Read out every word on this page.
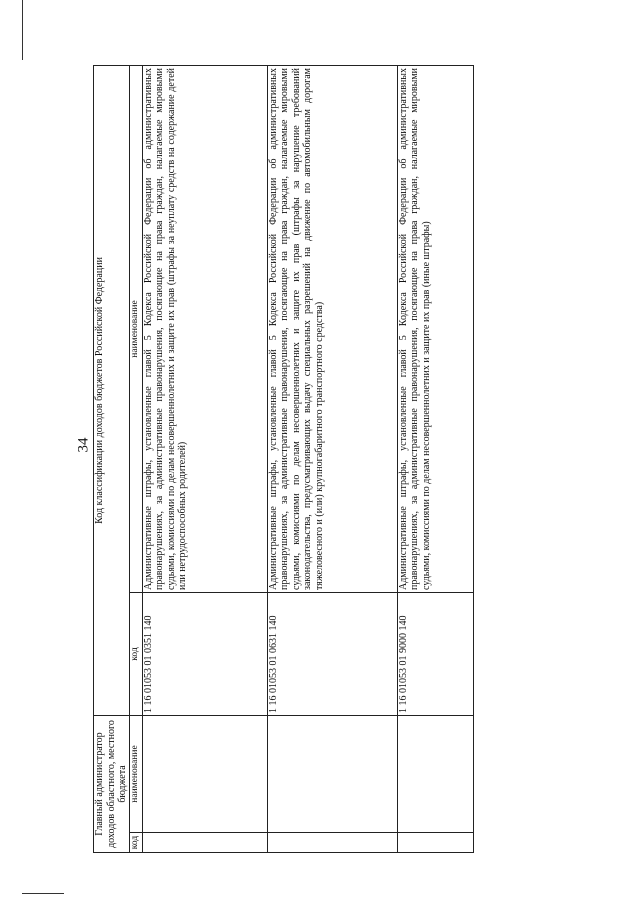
34
Главный администратор доходов областного, местного бюджета		Код классификации доходов бюджетов Российской Федерации	
код	наименование	код	наименование
		1 16 01053 01 0351 140	Административные штрафы, установленные главой 5 Кодекса Российской Федерации об административных правонарушениях, за административные правонарушения, посягающие на права граждан, налагаемые мировыми судьями, комиссиями по делам несовершеннолетних и защите их прав (штрафы за неуплату средств на содержание детей или нетрудоспособных родителей)
		1 16 01053 01 0631 140	Административные штрафы, установленные главой 5 Кодекса Российской Федерации об административных правонарушениях, за административные правонарушения, посягающие на права граждан, налагаемые мировыми судьями, комиссиями по делам несовершеннолетних и защите их прав (штрафы за нарушение требований законодательства, предусматривающих выдачу специальных разрешений на движение по автомобильным дорогам тяжеловесного и (или) крупногабаритного транспортного средства)
		1 16 01053 01 9000 140	Административные штрафы, установленные главой 5 Кодекса Российской Федерации об административных правонарушениях, за административные правонарушения, посягающие на права граждан, налагаемые мировыми судьями, комиссиями по делам несовершеннолетних и защите их прав (иные штрафы)
